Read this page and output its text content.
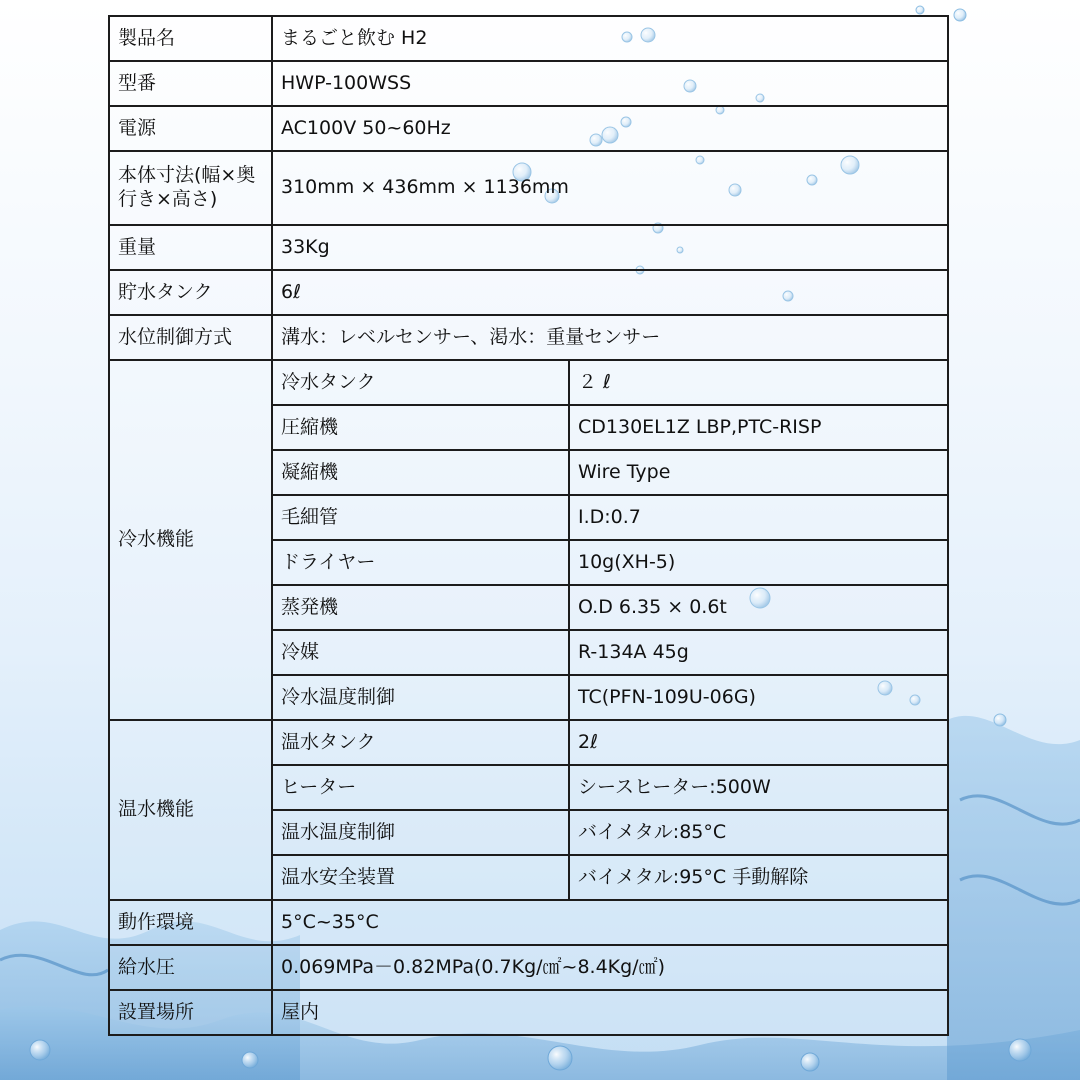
製品名	まるごと飲む H2	
型番	HWP-100WSS	
電源	AC100V 50~60Hz	
本体寸法(幅×奥行き×高さ)	310mm × 436mm × 1136mm	
重量	33Kg	
貯水タンク	6ℓ	
水位制御方式	溝水：レベルセンサー、渇水：重量センサー	
冷水機能	冷水タンク	２ ℓ
	圧縮機	CD130EL1Z LBP,PTC-RISP
	凝縮機	Wire Type
	毛細管	I.D:0.7
	ドライヤー	10g(XH-5)
	蒸発機	O.D 6.35 × 0.6t
	冷媒	R-134A 45g
	冷水温度制御	TC(PFN-109U-06G)
温水機能	温水タンク	2ℓ
	ヒーター	シースヒーター:500W
	温水温度制御	バイメタル:85°C
	温水安全装置	バイメタル:95°C 手動解除
動作環境	5°C~35°C	
給水圧	0.069MPa－0.82MPa(0.7Kg/㎠~8.4Kg/㎠)	
設置場所	屋内	
